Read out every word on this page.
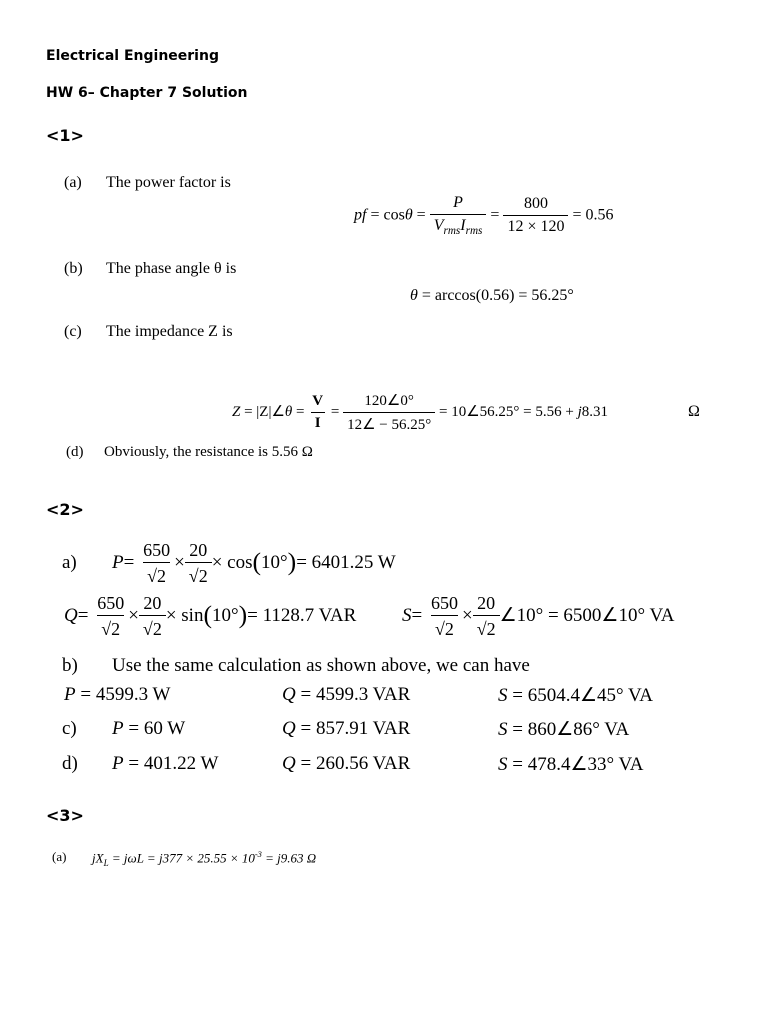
Electrical Engineering
HW 6– Chapter 7 Solution
<1>
(a) The power factor is
pf = $\cos\theta = \frac{P}{V_{rms}I_{rms}} = \frac{800}{12 \times 120} = 0.56$
(b) The phase angle θ is
θ = arccos(0.56) = 56.25°
(c) The impedance Z is
Z = |Z|∠θ = $\frac{V}{I} = \frac{120\angle 0^\circ}{12\angle - 56.25^\circ}$ = 10∠56.25° = 5.56 + j8.31	Ω
(d) Obviously, the resistance is 5.56 Ω
<2>
a) $P= \frac{650}{√2} \times \frac{20}{√2} \times \cos(10^\circ)= 6401.25$ W
$Q= \frac{650}{√2} \times \frac{20}{√2} \times \sin(10^\circ)= 1128.7$ VAR $S= \frac{650}{√2} \times \frac{20}{√2}$ ∠10° = 6500∠10° VA
b) Use the same calculation as shown above, we can have
P = 4599.3 W	Q = 4599.3 VAR	S = 6504.4∠45° VA
c) P = 60 W	Q = 857.91 VAR	S = 860∠86° VA
d) P = 401.22 W	Q = 260.56 VAR	S = 478.4∠33° VA
<3>
(a) $jX_L = j\omega L = j377 \times 25.55 \times 10^{-3} = j9.63$ Ω
